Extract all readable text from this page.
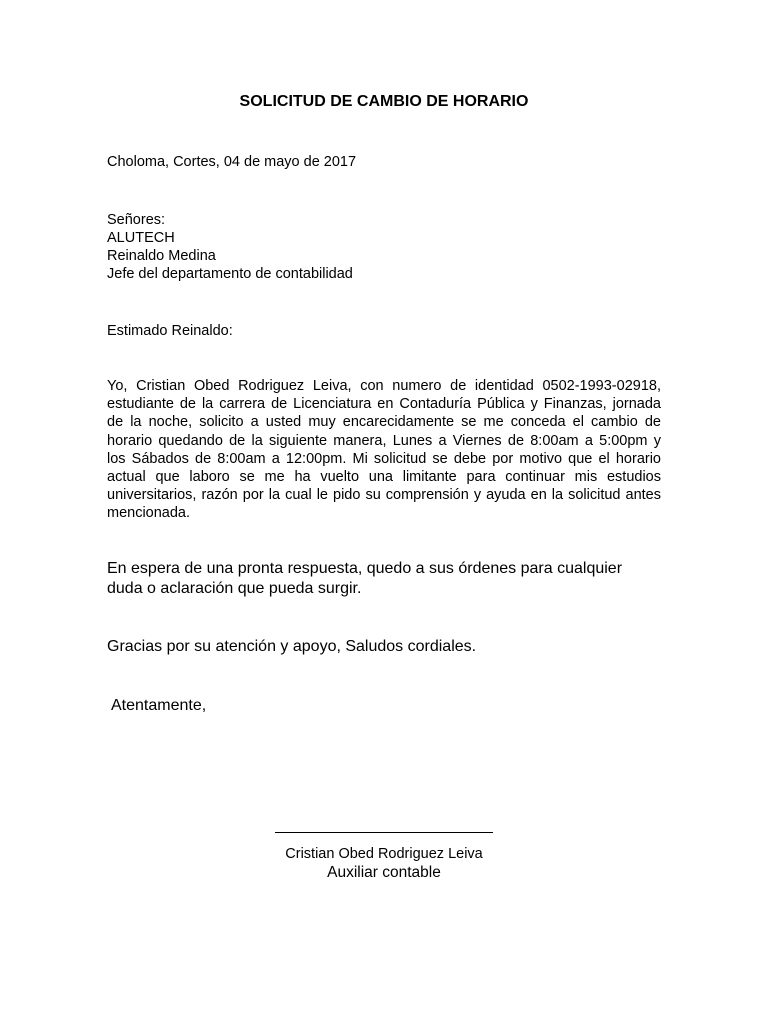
SOLICITUD DE CAMBIO DE HORARIO
Choloma, Cortes, 04 de mayo de 2017
Señores:
ALUTECH
Reinaldo Medina
Jefe del departamento de contabilidad
Estimado Reinaldo:
Yo, Cristian Obed Rodriguez Leiva, con numero de identidad 0502-1993-02918,
estudiante de la carrera de Licenciatura en Contaduría Pública y Finanzas, jornada
de la noche, solicito a usted muy encarecidamente se me conceda el cambio de
horario quedando de la siguiente manera, Lunes a Viernes de 8:00am a 5:00pm y
los Sábados de 8:00am a 12:00pm. Mi solicitud se debe por motivo que el horario
actual que laboro se me ha vuelto una limitante para continuar mis estudios
universitarios, razón por la cual le pido su comprensión y ayuda en la solicitud antes
mencionada.
En espera de una pronta respuesta, quedo a sus órdenes para cualquier
duda o aclaración que pueda surgir.
Gracias por su atención y apoyo, Saludos cordiales.
Atentamente,
Cristian Obed Rodriguez Leiva
Auxiliar contable
